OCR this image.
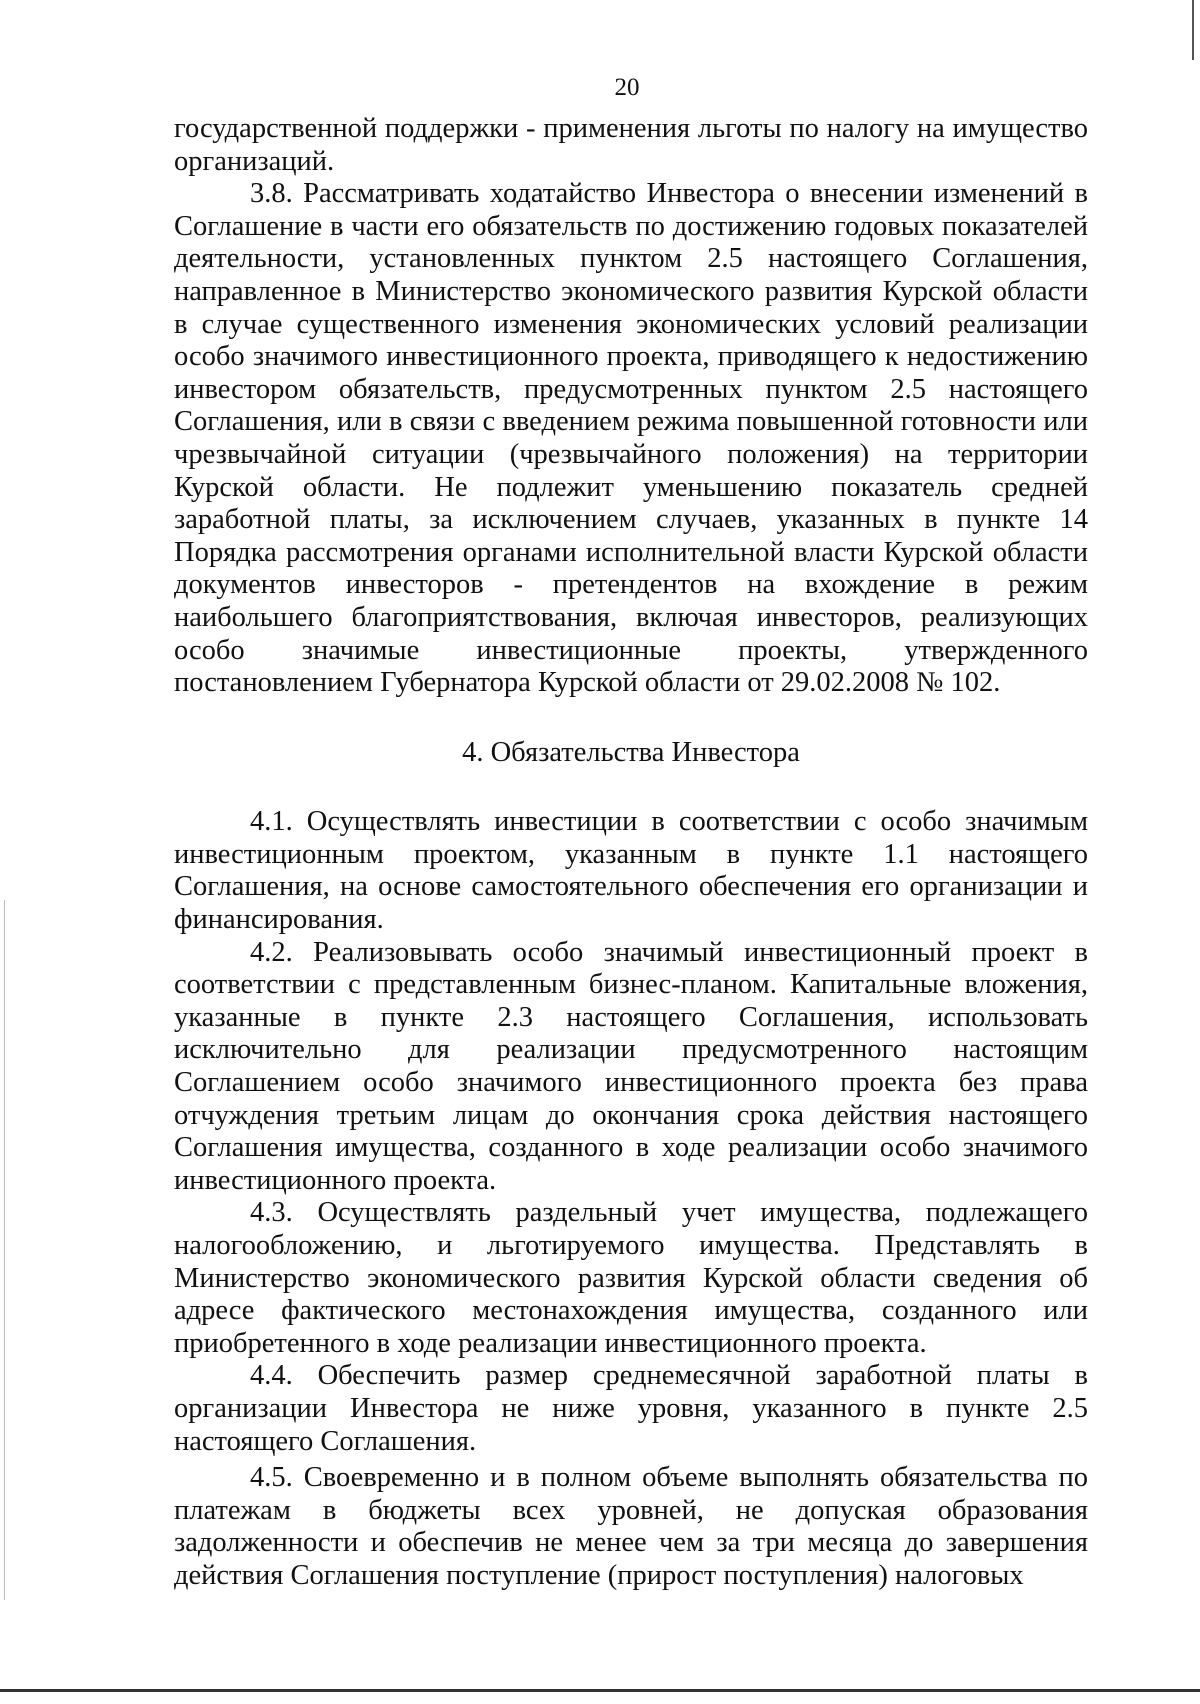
20

государственной поддержки - применения льготы по налогу на имущество организаций.

3.8. Рассматривать ходатайство Инвестора о внесении изменений в Соглашение в части его обязательств по достижению годовых показателей деятельности, установленных пунктом 2.5 настоящего Соглашения, направленное в Министерство экономического развития Курской области в случае существенного изменения экономических условий реализации особо значимого инвестиционного проекта, приводящего к недостижению инвестором обязательств, предусмотренных пунктом 2.5 настоящего Соглашения, или в связи с введением режима повышенной готовности или чрезвычайной ситуации (чрезвычайного положения) на территории Курской области. Не подлежит уменьшению показатель средней заработной платы, за исключением случаев, указанных в пункте 14 Порядка рассмотрения органами исполнительной власти Курской области документов инвесторов - претендентов на вхождение в режим наибольшего благоприятствования, включая инвесторов, реализующих особо значимые инвестиционные проекты, утвержденного постановлением Губернатора Курской области от 29.02.2008 № 102.

4. Обязательства Инвестора

4.1. Осуществлять инвестиции в соответствии с особо значимым инвестиционным проектом, указанным в пункте 1.1 настоящего Соглашения, на основе самостоятельного обеспечения его организации и финансирования.

4.2. Реализовывать особо значимый инвестиционный проект в соответствии с представленным бизнес-планом. Капитальные вложения, указанные в пункте 2.3 настоящего Соглашения, использовать исключительно для реализации предусмотренного настоящим Соглашением особо значимого инвестиционного проекта без права отчуждения третьим лицам до окончания срока действия настоящего Соглашения имущества, созданного в ходе реализации особо значимого инвестиционного проекта.

4.3. Осуществлять раздельный учет имущества, подлежащего налогообложению, и льготируемого имущества. Представлять в Министерство экономического развития Курской области сведения об адресе фактического местонахождения имущества, созданного или приобретенного в ходе реализации инвестиционного проекта.

4.4. Обеспечить размер среднемесячной заработной платы в организации Инвестора не ниже уровня, указанного в пункте 2.5 настоящего Соглашения.

4.5. Своевременно и в полном объеме выполнять обязательства по платежам в бюджеты всех уровней, не допуская образования задолженности и обеспечив не менее чем за три месяца до завершения действия Соглашения поступление (прирост поступления) налоговых
